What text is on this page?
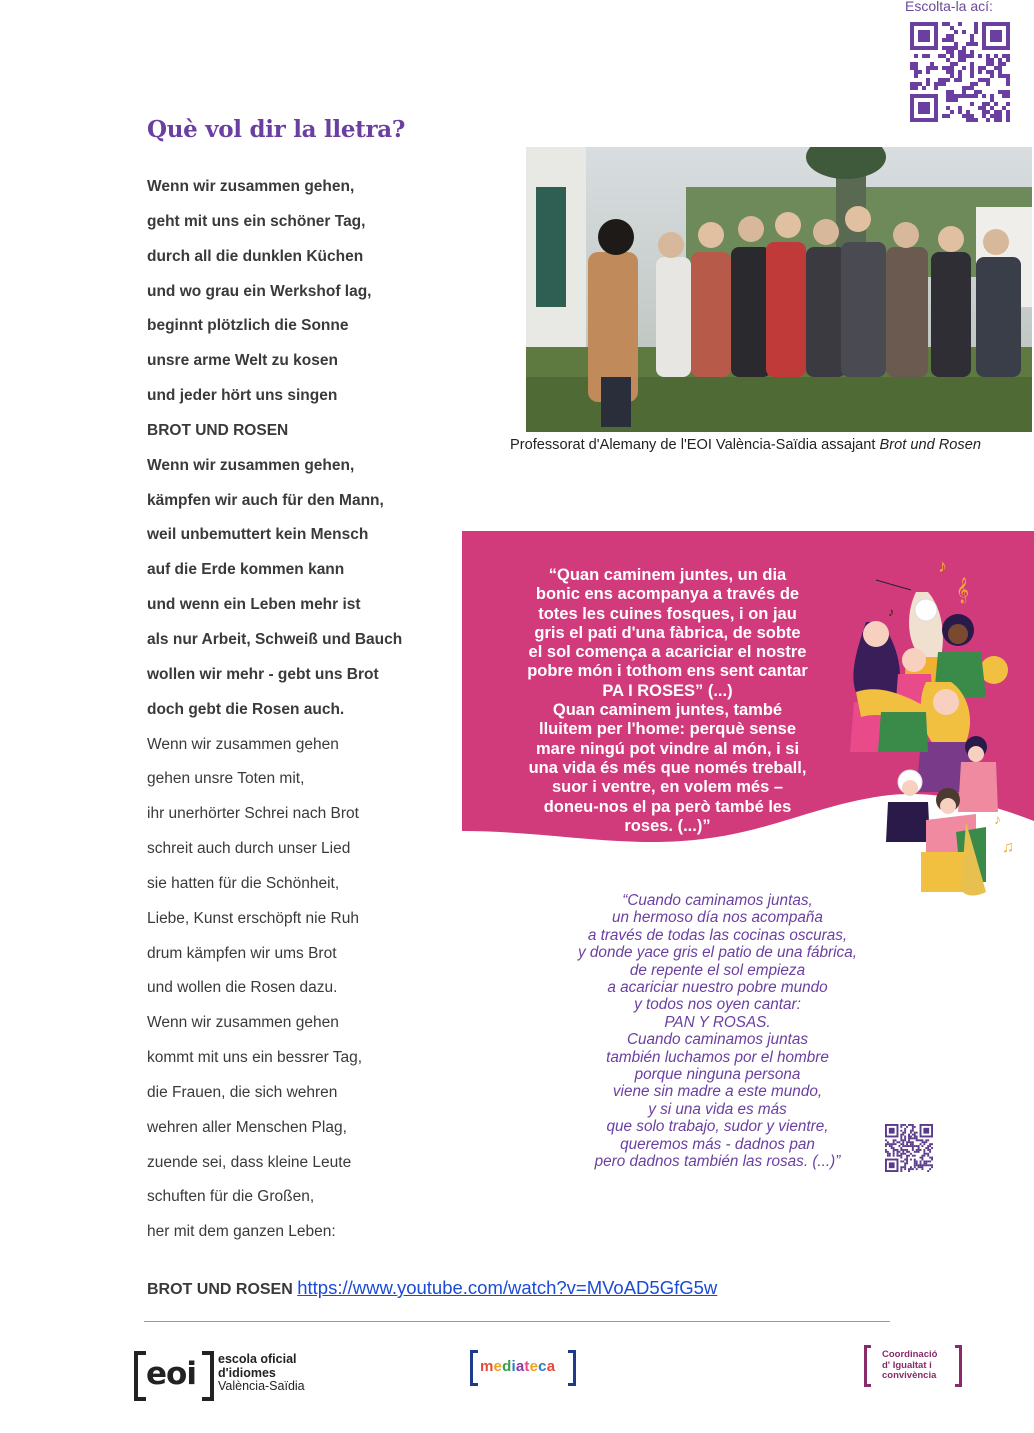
Escolta-la ací:
Què vol dir la lletra?
Wenn wir zusammen gehen,
geht mit uns ein schöner Tag,
durch all die dunklen Küchen
und wo grau ein Werkshof lag,
beginnt plötzlich die Sonne
unsre arme Welt zu kosen
und jeder hört uns singen
BROT UND ROSEN
Wenn wir zusammen gehen,
kämpfen wir auch für den Mann,
weil unbemuttert kein Mensch
auf die Erde kommen kann
und wenn ein Leben mehr ist
als nur Arbeit, Schweiß und Bauch
wollen wir mehr - gebt uns Brot
doch gebt die Rosen auch.
Wenn wir zusammen gehen
gehen unsre Toten mit,
ihr unerhörter Schrei nach Brot
schreit auch durch unser Lied
sie hatten für die Schönheit,
Liebe, Kunst erschöpft nie Ruh
drum kämpfen wir ums Brot
und wollen die Rosen dazu.
Wenn wir zusammen gehen
kommt mit uns ein bessrer Tag,
die Frauen, die sich wehren
wehren aller Menschen Plag,
zuende sei, dass kleine Leute
schuften für die Großen,
her mit dem ganzen Leben:
Professorat d'Alemany de l'EOI València-Saïdia assajant Brot und Rosen
“Quan caminem juntes, un dia
bonic ens acompanya a través de
totes les cuines fosques, i on jau
gris el pati d'una fàbrica, de sobte
el sol comença a acariciar el nostre
pobre món i tothom ens sent cantar
PA I ROSES” (...)
Quan caminem juntes, també
lluitem per l'home: perquè sense
mare ningú pot vindre al món, i si
una vida és més que només treball,
suor i ventre, en volem més –
doneu-nos el pa però també les
roses. (...)”
♪
𝄞
♪
♪
♫
“Cuando caminamos juntas,
un hermoso día nos acompaña
a través de todas las cocinas oscuras,
y donde yace gris el patio de una fábrica,
de repente el sol empieza
a acariciar nuestro pobre mundo
y todos nos oyen cantar:
PAN Y ROSAS.
Cuando caminamos juntas
también luchamos por el hombre
porque ninguna persona
viene sin madre a este mundo,
y si una vida es más
que solo trabajo, sudor y vientre,
queremos más - dadnos pan
pero dadnos también las rosas. (...)”
BROT UND ROSEN https://www.youtube.com/watch?v=MVoAD5GfG5w
eoi escola oficial
d'idiomes
València-Saïdia
mediateca
Coordinació
d' Igualtat i
convivència
